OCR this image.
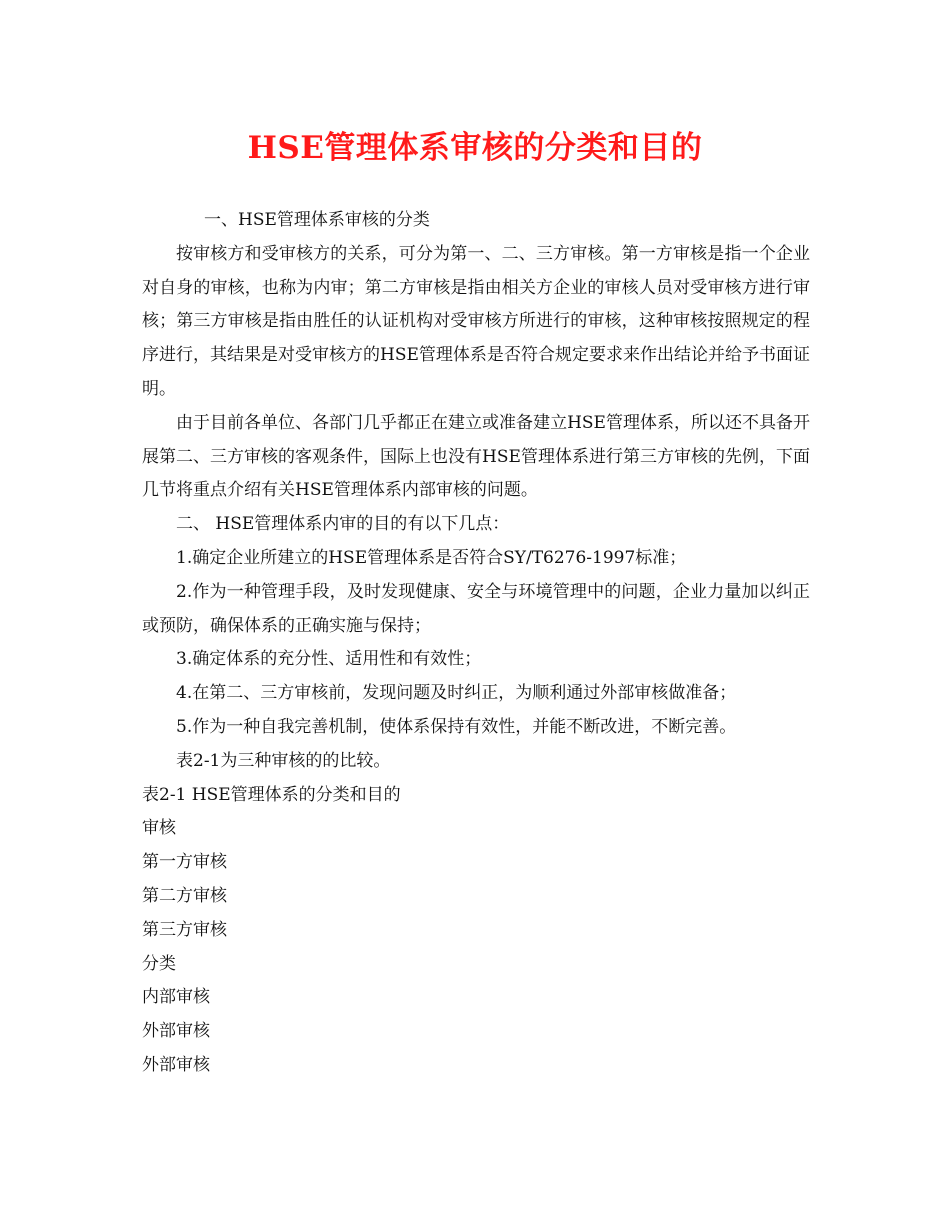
HSE管理体系审核的分类和目的

一、HSE管理体系审核的分类

按审核方和受审核方的关系，可分为第一、二、三方审核。第一方审核是指一个企业对自身的审核，也称为内审；第二方审核是指由相关方企业的审核人员对受审核方进行审核；第三方审核是指由胜任的认证机构对受审核方所进行的审核，这种审核按照规定的程序进行，其结果是对受审核方的HSE管理体系是否符合规定要求来作出结论并给予书面证明。

由于目前各单位、各部门几乎都正在建立或准备建立HSE管理体系，所以还不具备开展第二、三方审核的客观条件，国际上也没有HSE管理体系进行第三方审核的先例，下面几节将重点介绍有关HSE管理体系内部审核的问题。

二、 HSE管理体系内审的目的有以下几点：

1.确定企业所建立的HSE管理体系是否符合SY/T6276-1997标准；

2.作为一种管理手段，及时发现健康、安全与环境管理中的问题，企业力量加以纠正或预防，确保体系的正确实施与保持；

3.确定体系的充分性、适用性和有效性；

4.在第二、三方审核前，发现问题及时纠正，为顺利通过外部审核做准备；

5.作为一种自我完善机制，使体系保持有效性，并能不断改进，不断完善。

表2-1为三种审核的的比较。

表2-1 HSE管理体系的分类和目的

审核

第一方审核

第二方审核

第三方审核

分类

内部审核

外部审核

外部审核
